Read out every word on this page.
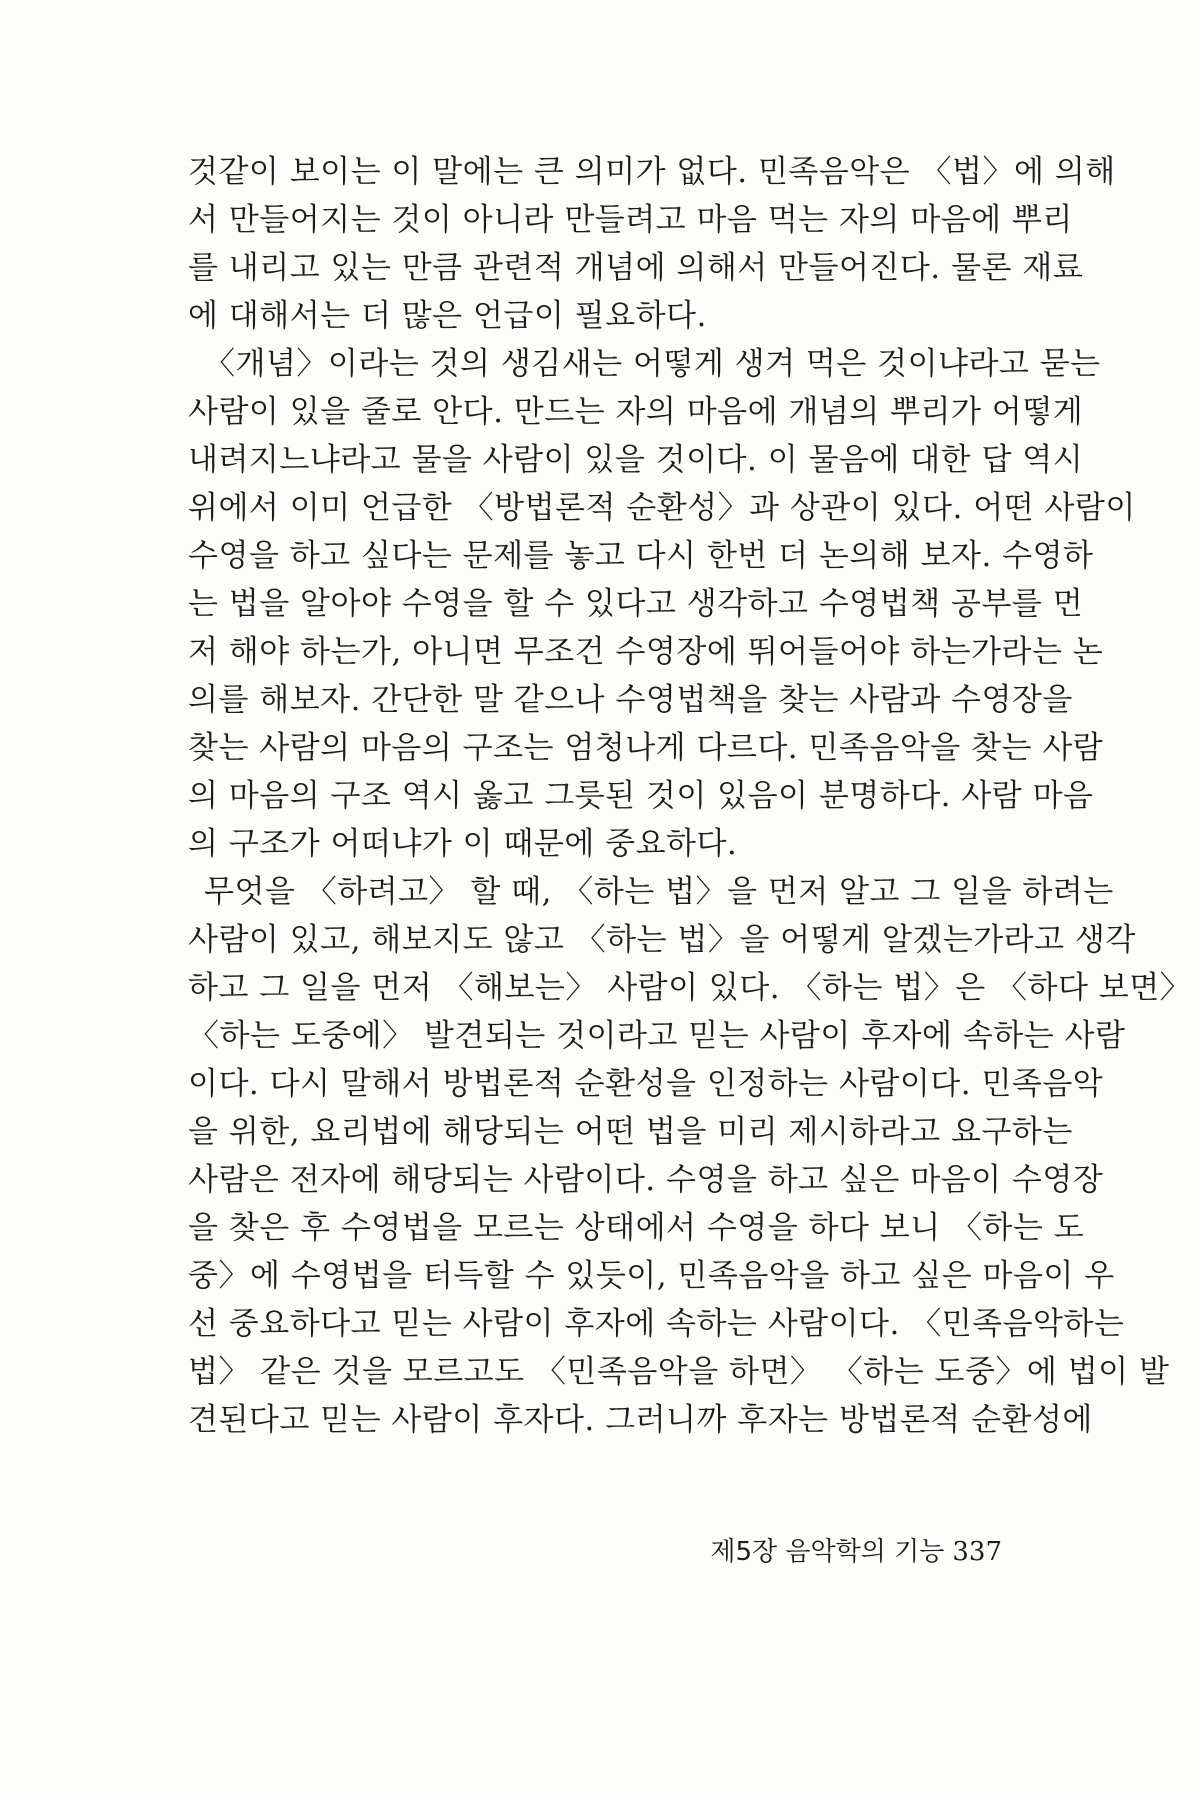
것같이 보이는 이 말에는 큰 의미가 없다. 민족음악은 〈법〉에 의해
서 만들어지는 것이 아니라 만들려고 마음 먹는 자의 마음에 뿌리
를 내리고 있는 만큼 관련적 개념에 의해서 만들어진다. 물론 재료
에 대해서는 더 많은 언급이 필요하다.
〈개념〉이라는 것의 생김새는 어떻게 생겨 먹은 것이냐라고 묻는
사람이 있을 줄로 안다. 만드는 자의 마음에 개념의 뿌리가 어떻게
내려지느냐라고 물을 사람이 있을 것이다. 이 물음에 대한 답 역시
위에서 이미 언급한 〈방법론적 순환성〉과 상관이 있다. 어떤 사람이
수영을 하고 싶다는 문제를 놓고 다시 한번 더 논의해 보자. 수영하
는 법을 알아야 수영을 할 수 있다고 생각하고 수영법책 공부를 먼
저 해야 하는가, 아니면 무조건 수영장에 뛰어들어야 하는가라는 논
의를 해보자. 간단한 말 같으나 수영법책을 찾는 사람과 수영장을
찾는 사람의 마음의 구조는 엄청나게 다르다. 민족음악을 찾는 사람
의 마음의 구조 역시 옳고 그릇된 것이 있음이 분명하다. 사람 마음
의 구조가 어떠냐가 이 때문에 중요하다.
무엇을 〈하려고〉 할 때, 〈하는 법〉을 먼저 알고 그 일을 하려는
사람이 있고, 해보지도 않고 〈하는 법〉을 어떻게 알겠는가라고 생각
하고 그 일을 먼저 〈해보는〉 사람이 있다. 〈하는 법〉은 〈하다 보면〉
〈하는 도중에〉 발견되는 것이라고 믿는 사람이 후자에 속하는 사람
이다. 다시 말해서 방법론적 순환성을 인정하는 사람이다. 민족음악
을 위한, 요리법에 해당되는 어떤 법을 미리 제시하라고 요구하는
사람은 전자에 해당되는 사람이다. 수영을 하고 싶은 마음이 수영장
을 찾은 후 수영법을 모르는 상태에서 수영을 하다 보니 〈하는 도
중〉에 수영법을 터득할 수 있듯이, 민족음악을 하고 싶은 마음이 우
선 중요하다고 믿는 사람이 후자에 속하는 사람이다. 〈민족음악하는
법〉 같은 것을 모르고도 〈민족음악을 하면〉 〈하는 도중〉에 법이 발
견된다고 믿는 사람이 후자다. 그러니까 후자는 방법론적 순환성에
제5장 음악학의 기능 337
